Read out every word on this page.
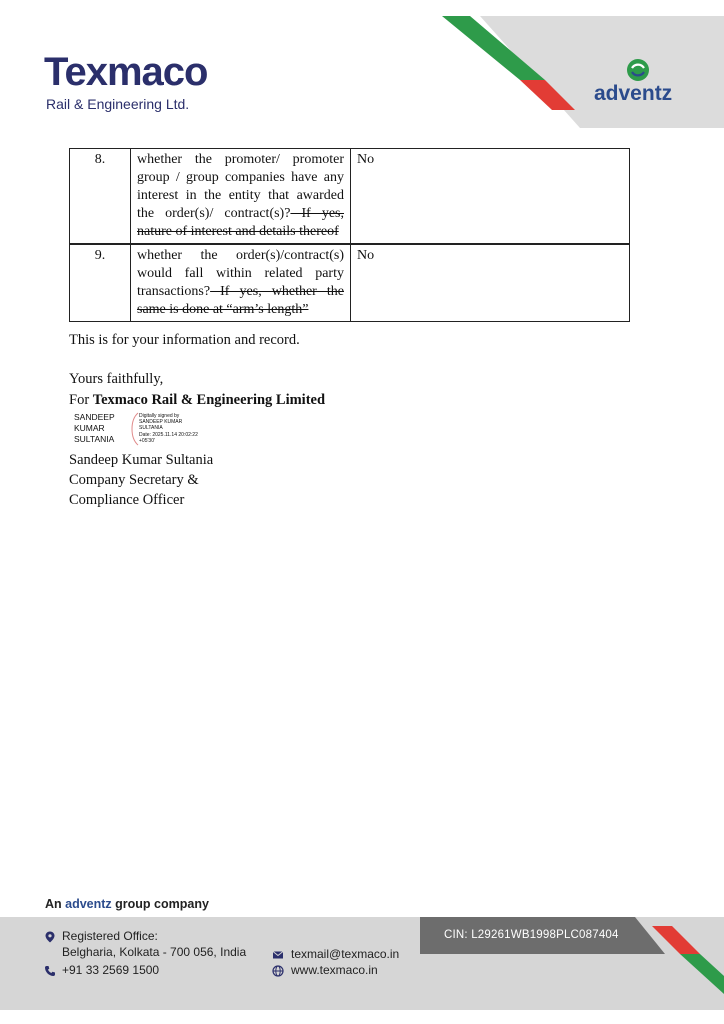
Texmaco
Rail & Engineering Ltd.	adventz
8.	whether the promoter/ promoter group / group companies have any interest in the entity that awarded the order(s)/ contract(s)? If yes, nature of interest and details thereof	No
9.	whether the order(s)/contract(s) would fall within related party transactions? If yes, whether the same is done at “arm’s length”	No
This is for your information and record.
Yours faithfully,
For Texmaco Rail & Engineering Limited
SANDEEP
KUMAR
SULTANIA
Digitally signed by
SANDEEP KUMAR
SULTANIA
Date: 2025.11.14 20:02:22
+05'30'
Sandeep Kumar Sultania
Company Secretary &
Compliance Officer
An adventz group company
Registered Office:
Belgharia, Kolkata - 700 056, India
+91 33 2569 1500
texmail@texmaco.in
www.texmaco.in
CIN: L29261WB1998PLC087404
